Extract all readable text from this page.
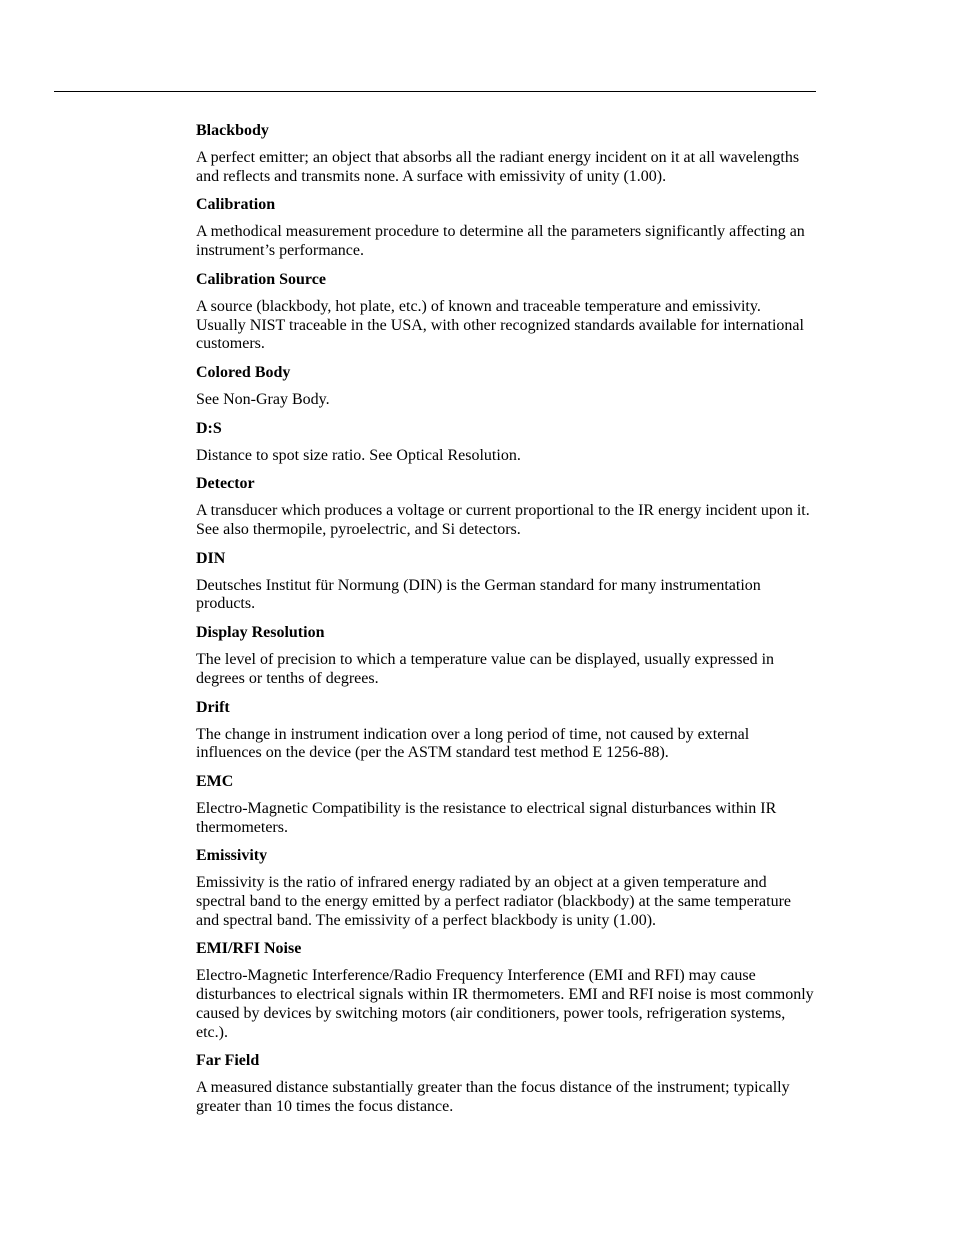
Blackbody
A perfect emitter; an object that absorbs all the radiant energy incident on it at all wavelengths and reflects and transmits none. A surface with emissivity of unity (1.00).
Calibration
A methodical measurement procedure to determine all the parameters significantly affecting an instrument’s performance.
Calibration Source
A source (blackbody, hot plate, etc.) of known and traceable temperature and emissivity. Usually NIST traceable in the USA, with other recognized standards available for international customers.
Colored Body
See Non-Gray Body.
D:S
Distance to spot size ratio. See Optical Resolution.
Detector
A transducer which produces a voltage or current proportional to the IR energy incident upon it. See also thermopile, pyroelectric, and Si detectors.
DIN
Deutsches Institut für Normung (DIN) is the German standard for many instrumentation products.
Display Resolution
The level of precision to which a temperature value can be displayed, usually expressed in degrees or tenths of degrees.
Drift
The change in instrument indication over a long period of time, not caused by external influences on the device (per the ASTM standard test method E 1256-88).
EMC
Electro-Magnetic Compatibility is the resistance to electrical signal disturbances within IR thermometers.
Emissivity
Emissivity is the ratio of infrared energy radiated by an object at a given temperature and spectral band to the energy emitted by a perfect radiator (blackbody) at the same temperature and spectral band. The emissivity of a perfect blackbody is unity (1.00).
EMI/RFI Noise
Electro-Magnetic Interference/Radio Frequency Interference (EMI and RFI) may cause disturbances to electrical signals within IR thermometers. EMI and RFI noise is most commonly caused by devices by switching motors (air conditioners, power tools, refrigeration systems, etc.).
Far Field
A measured distance substantially greater than the focus distance of the instrument; typically greater than 10 times the focus distance.
